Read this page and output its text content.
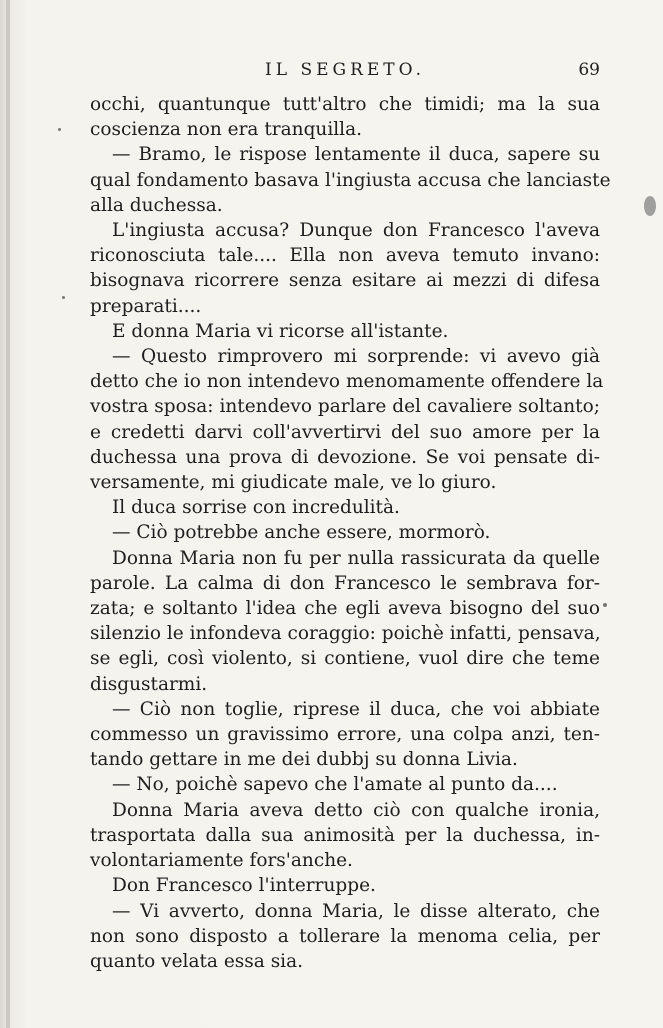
IL SEGRETO.	69
occhi, quantunque tutt'altro che timidi; ma la sua
coscienza non era tranquilla.
— Bramo, le rispose lentamente il duca, sapere su
qual fondamento basava l'ingiusta accusa che lanciaste
alla duchessa.
L'ingiusta accusa? Dunque don Francesco l'aveva
riconosciuta tale.... Ella non aveva temuto invano:
bisognava ricorrere senza esitare ai mezzi di difesa
preparati....
E donna Maria vi ricorse all'istante.
— Questo rimprovero mi sorprende: vi avevo già
detto che io non intendevo menomamente offendere la
vostra sposa: intendevo parlare del cavaliere soltanto;
e credetti darvi coll'avvertirvi del suo amore per la
duchessa una prova di devozione. Se voi pensate di-
versamente, mi giudicate male, ve lo giuro.
Il duca sorrise con incredulità.
— Ciò potrebbe anche essere, mormorò.
Donna Maria non fu per nulla rassicurata da quelle
parole. La calma di don Francesco le sembrava for-
zata; e soltanto l'idea che egli aveva bisogno del suo
silenzio le infondeva coraggio: poichè infatti, pensava,
se egli, così violento, si contiene, vuol dire che teme
disgustarmi.
— Ciò non toglie, riprese il duca, che voi abbiate
commesso un gravissimo errore, una colpa anzi, ten-
tando gettare in me dei dubbj su donna Livia.
— No, poichè sapevo che l'amate al punto da....
Donna Maria aveva detto ciò con qualche ironia,
trasportata dalla sua animosità per la duchessa, in-
volontariamente fors'anche.
Don Francesco l'interruppe.
— Vi avverto, donna Maria, le disse alterato, che
non sono disposto a tollerare la menoma celia, per
quanto velata essa sia.
